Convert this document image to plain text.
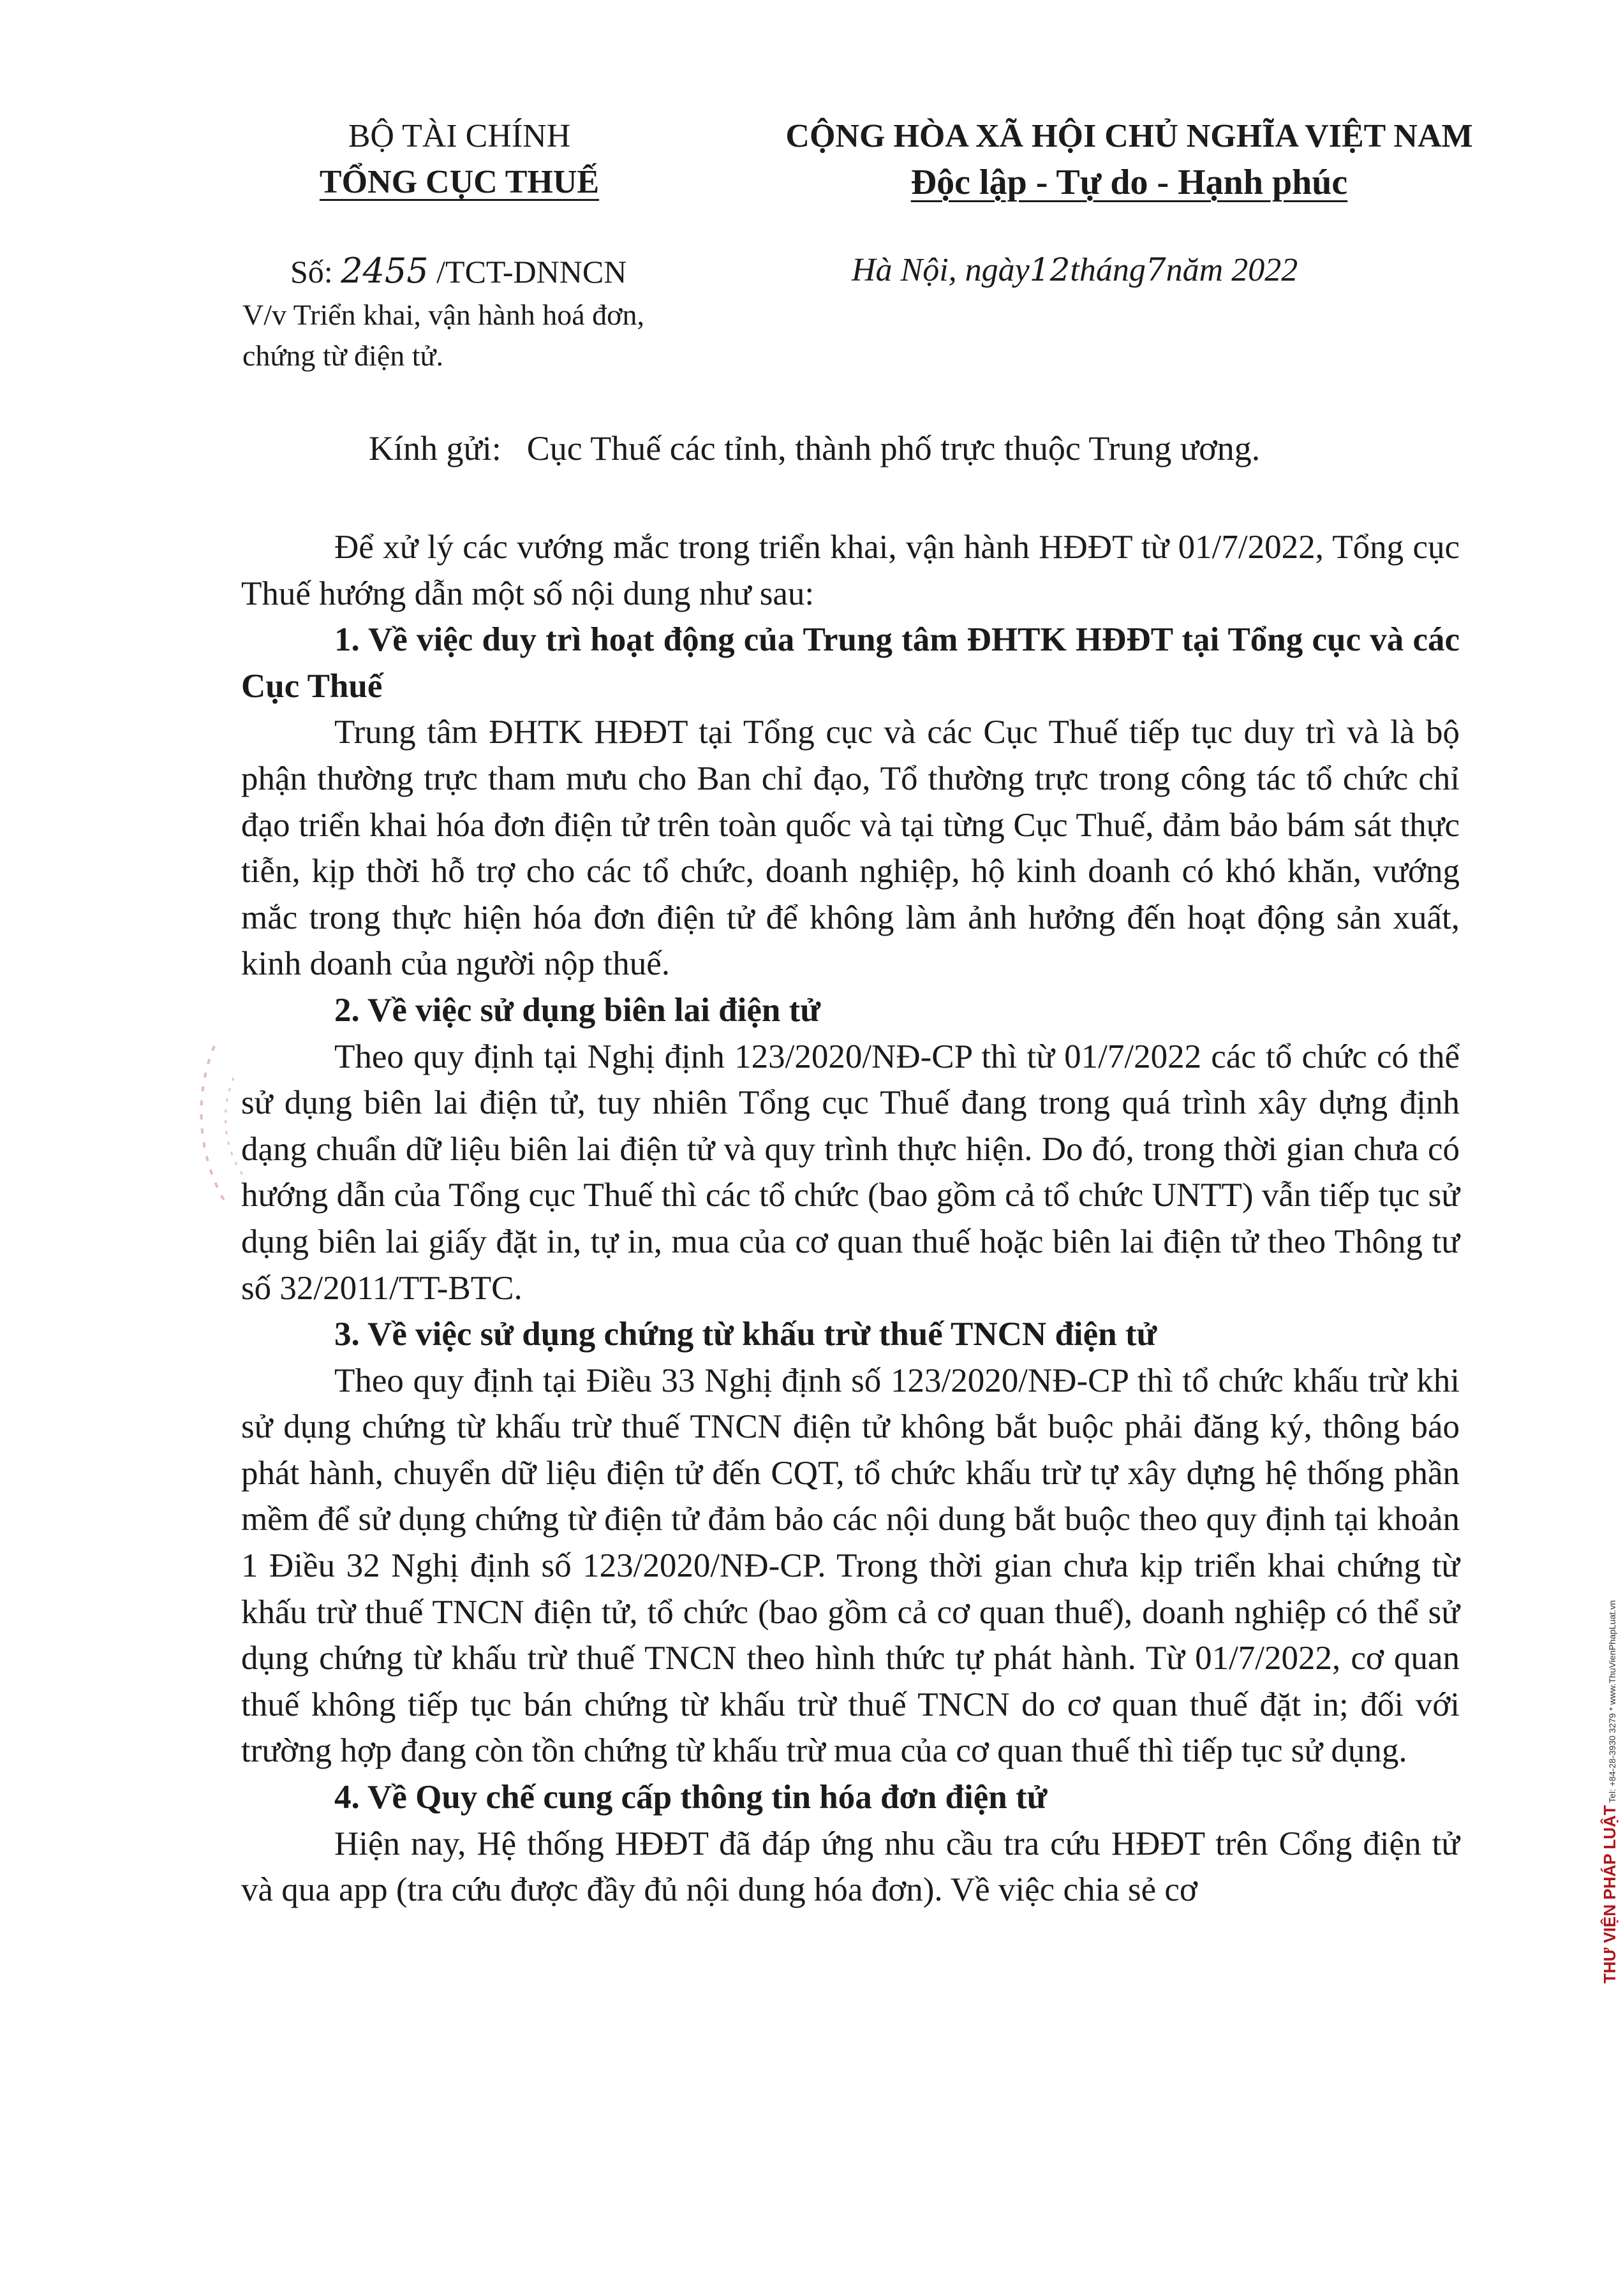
BỘ TÀI CHÍNH

TỔNG CỤC THUẾ

CỘNG HÒA XÃ HỘI CHỦ NGHĨA VIỆT NAM

Độc lập - Tự do - Hạnh phúc

Số: 2455 /TCT-DNNCN
V/v Triển khai, vận hành hoá đơn,
chứng từ điện tử.
Hà Nội, ngày12tháng7năm 2022
Kính gửi: Cục Thuế các tỉnh, thành phố trực thuộc Trung ương.

Để xử lý các vướng mắc trong triển khai, vận hành HĐĐT từ 01/7/2022, Tổng cục Thuế hướng dẫn một số nội dung như sau:

1. Về việc duy trì hoạt động của Trung tâm ĐHTK HĐĐT tại Tổng cục và các Cục Thuế

Trung tâm ĐHTK HĐĐT tại Tổng cục và các Cục Thuế tiếp tục duy trì và là bộ phận thường trực tham mưu cho Ban chỉ đạo, Tổ thường trực trong công tác tổ chức chỉ đạo triển khai hóa đơn điện tử trên toàn quốc và tại từng Cục Thuế, đảm bảo bám sát thực tiễn, kịp thời hỗ trợ cho các tổ chức, doanh nghiệp, hộ kinh doanh có khó khăn, vướng mắc trong thực hiện hóa đơn điện tử để không làm ảnh hưởng đến hoạt động sản xuất, kinh doanh của người nộp thuế.

2. Về việc sử dụng biên lai điện tử

Theo quy định tại Nghị định 123/2020/NĐ-CP thì từ 01/7/2022 các tổ chức có thể sử dụng biên lai điện tử, tuy nhiên Tổng cục Thuế đang trong quá trình xây dựng định dạng chuẩn dữ liệu biên lai điện tử và quy trình thực hiện. Do đó, trong thời gian chưa có hướng dẫn của Tổng cục Thuế thì các tổ chức (bao gồm cả tổ chức UNTT) vẫn tiếp tục sử dụng biên lai giấy đặt in, tự in, mua của cơ quan thuế hoặc biên lai điện tử theo Thông tư số 32/2011/TT-BTC.

3. Về việc sử dụng chứng từ khấu trừ thuế TNCN điện tử

Theo quy định tại Điều 33 Nghị định số 123/2020/NĐ-CP thì tổ chức khấu trừ khi sử dụng chứng từ khấu trừ thuế TNCN điện tử không bắt buộc phải đăng ký, thông báo phát hành, chuyển dữ liệu điện tử đến CQT, tổ chức khấu trừ tự xây dựng hệ thống phần mềm để sử dụng chứng từ điện tử đảm bảo các nội dung bắt buộc theo quy định tại khoản 1 Điều 32 Nghị định số 123/2020/NĐ-CP. Trong thời gian chưa kịp triển khai chứng từ khấu trừ thuế TNCN điện tử, tổ chức (bao gồm cả cơ quan thuế), doanh nghiệp có thể sử dụng chứng từ khấu trừ thuế TNCN theo hình thức tự phát hành. Từ 01/7/2022, cơ quan thuế không tiếp tục bán chứng từ khấu trừ thuế TNCN do cơ quan thuế đặt in; đối với trường hợp đang còn tồn chứng từ khấu trừ mua của cơ quan thuế thì tiếp tục sử dụng.

4. Về Quy chế cung cấp thông tin hóa đơn điện tử

Hiện nay, Hệ thống HĐĐT đã đáp ứng nhu cầu tra cứu HĐĐT trên Cổng điện tử và qua app (tra cứu được đầy đủ nội dung hóa đơn). Về việc chia sẻ cơ	THƯ VIỆN PHÁP LUẬT Tel: +84-28-3930 3279 * www.ThuVienPhapLuat.vn
